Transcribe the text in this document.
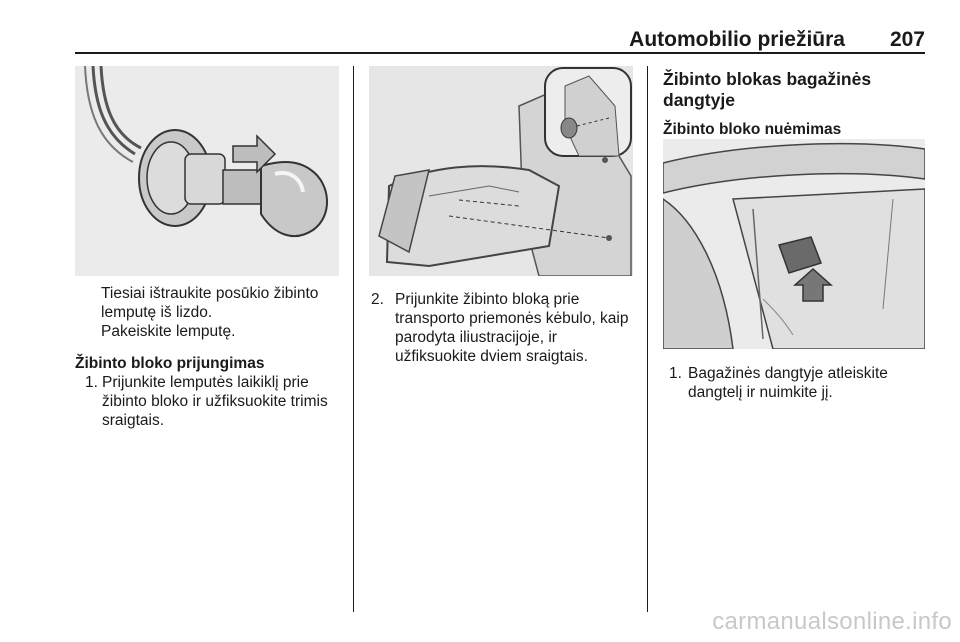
Automobilio priežiūra 207
Tiesiai ištraukite posūkio žibinto lemputę iš lizdo.
Pakeiskite lemputę.
Žibinto bloko prijungimas
1. Prijunkite lemputės laikiklį prie žibinto bloko ir užfiksuokite trimis sraigtais.
2. Prijunkite žibinto bloką prie transporto priemonės kėbulo, kaip parodyta iliustracijoje, ir užfiksuokite dviem sraigtais.
Žibinto blokas bagažinės dangtyje
Žibinto bloko nuėmimas
1. Bagažinės dangtyje atleiskite dangtelį ir nuimkite jį.
carmanualsonline.info
